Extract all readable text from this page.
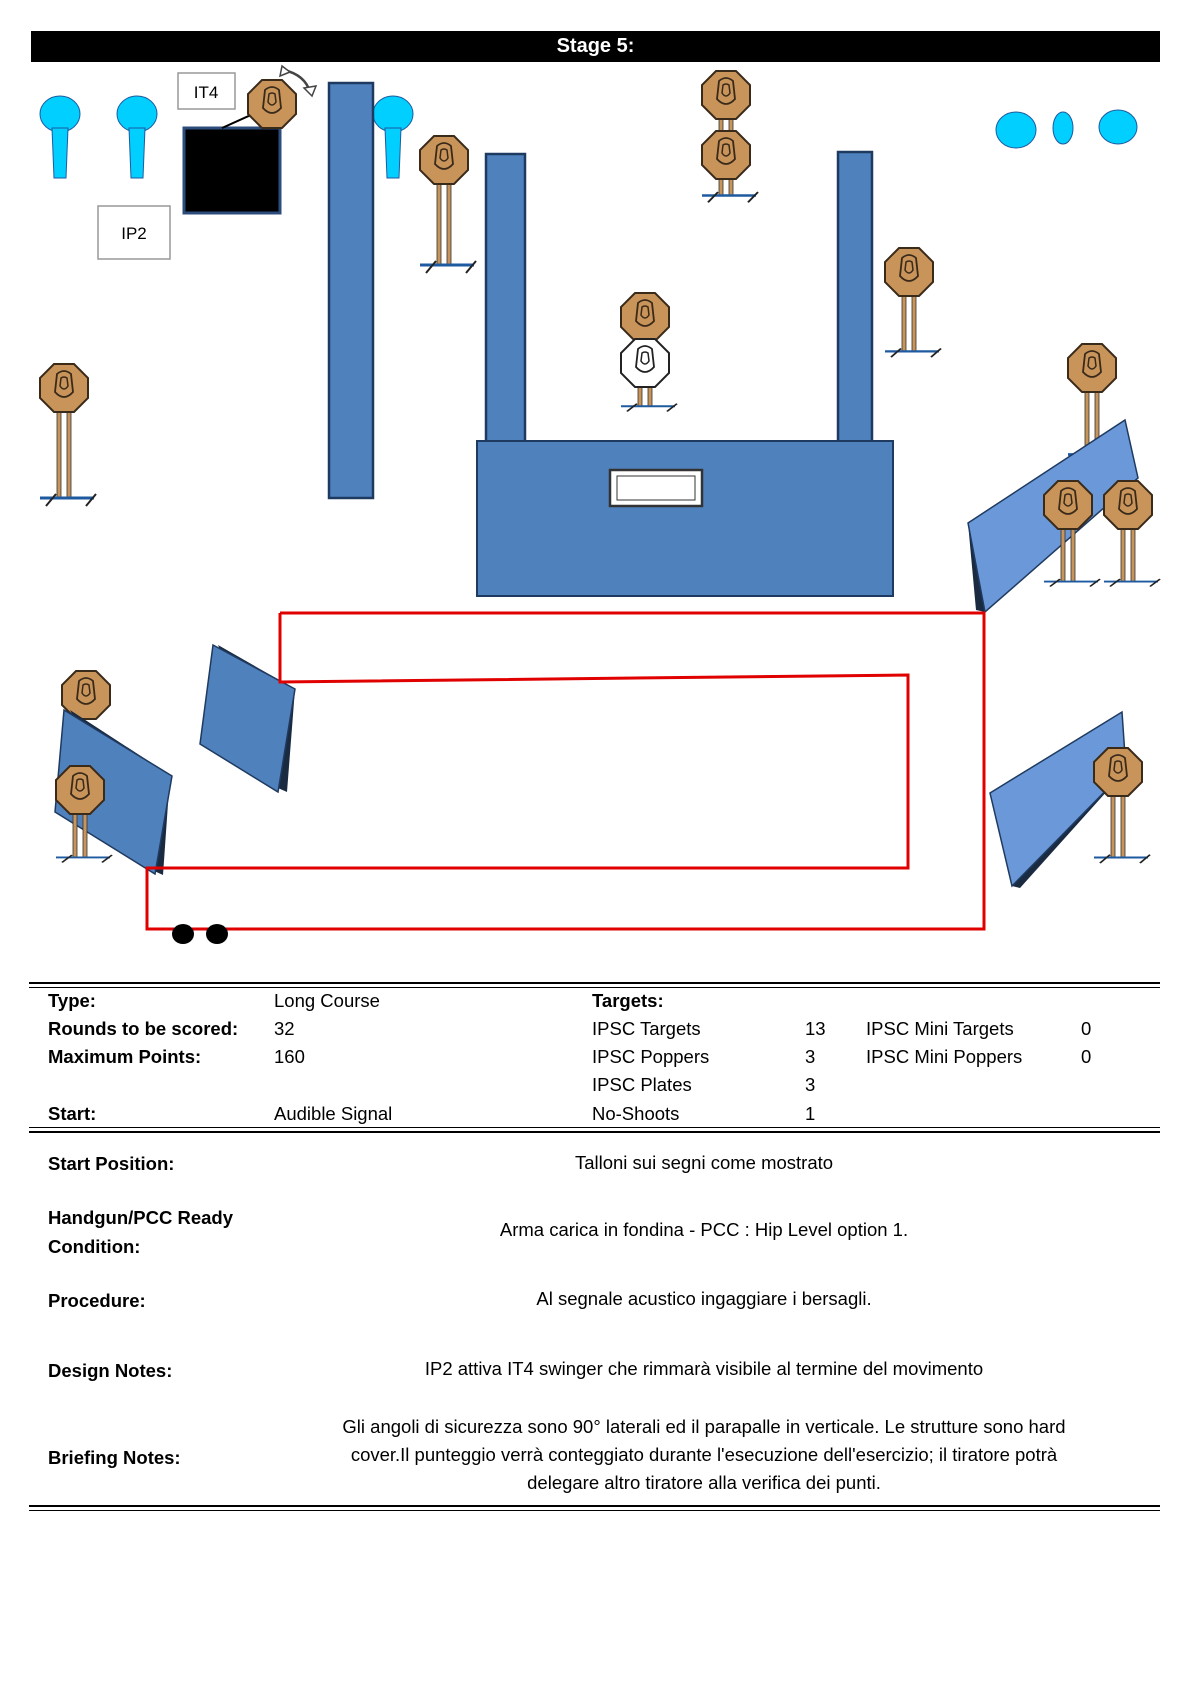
Stage 5:
IT4
IP2
Type:	Long Course	Targets:
Rounds to be scored: 32	IPSC Targets	13 IPSC Mini Targets	0
Maximum Points:	160	IPSC Poppers	3	IPSC Mini Poppers	0
IPSC Plates	3
Start:	Audible Signal	No-Shoots	1
Start Position:	Talloni sui segni come mostrato
Handgun/PCC Ready
Condition:
Arma carica in fondina - PCC : Hip Level option 1.
Procedure:	Al segnale acustico ingaggiare i bersagli.
Design Notes:	IP2 attiva IT4 swinger che rimmarà visibile al termine del movimento
Briefing Notes:
Gli angoli di sicurezza sono 90° laterali ed il parapalle in verticale. Le strutture sono hard
cover.Il punteggio verrà conteggiato durante l'esecuzione dell'esercizio; il tiratore potrà
delegare altro tiratore alla verifica dei punti.
